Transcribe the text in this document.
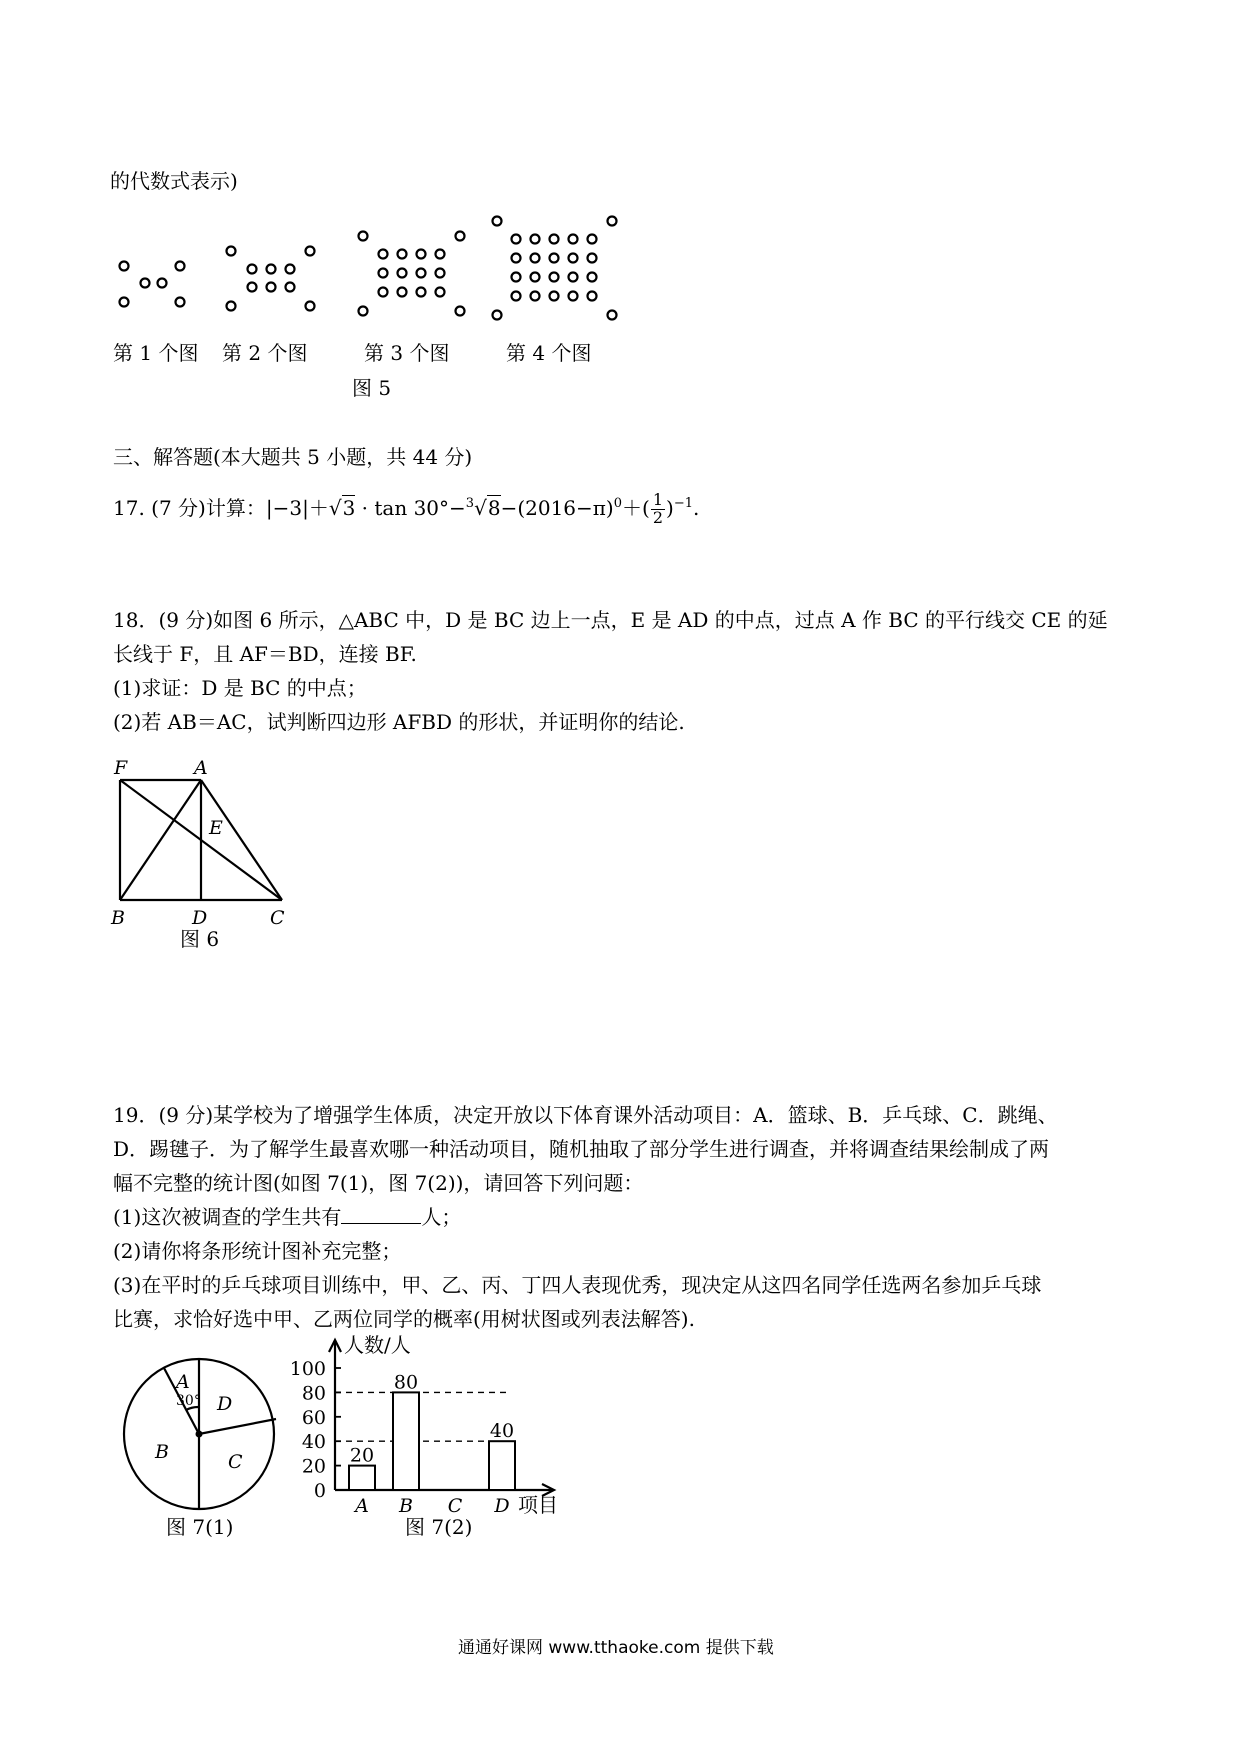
的代数式表示)
第 1 个图 第 2 个图	第 3 个图	第 4 个图
图 5
三、解答题(本大题共 5 小题，共 44 分)
17. (7 分)计算：$|-3|+√3 \cdot \tan 30^\circ-^3√8-(2016-\pi)^0+( \frac{1}{2} )^{-1}$.
18．(9 分)如图 6 所示，△ABC 中，D 是 BC 边上一点，E 是 AD 的中点，过点 A 作 BC 的平行线交 CE 的延
长线于 F，且 AF＝BD，连接 BF.
(1)求证：D 是 BC 的中点；
(2)若 AB＝AC，试判断四边形 AFBD 的形状，并证明你的结论.
F	A
E
B	D	C
图 6
19．(9 分)某学校为了增强学生体质，决定开放以下体育课外活动项目：A．篮球、B．乒乓球、C．跳绳、
D．踢毽子．为了解学生最喜欢哪一种活动项目，随机抽取了部分学生进行调查，并将调查结果绘制成了两
幅不完整的统计图(如图 7(1)，图 7(2))，请回答下列问题：
(1)这次被调查的学生共有	人；
(2)请你将条形统计图补充完整；
(3)在平时的乒乓球项目训练中，甲、乙、丙、丁四人表现优秀，现决定从这四名同学任选两名参加乒乓球
比赛，求恰好选中甲、乙两位同学的概率(用树状图或列表法解答).
A
30° D
B	C
图 7(1)
人数/人
项目
0
20
40
60
80
100
20
A
80
B C
40
D
图 7(2)
通通好课网 www.tthaoke.com 提供下载
